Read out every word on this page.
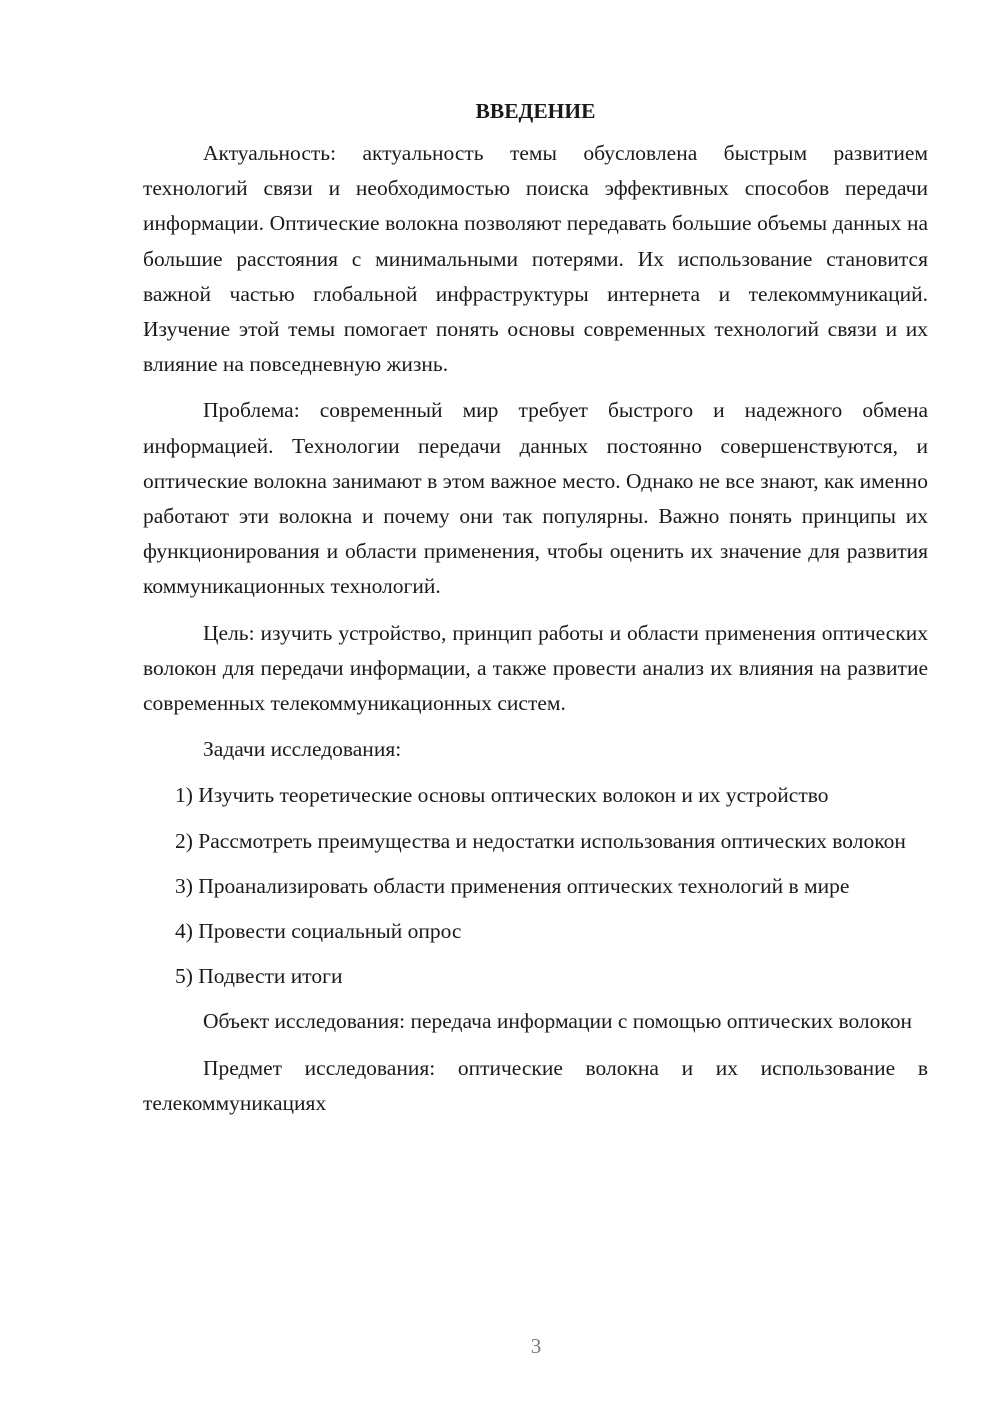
ВВЕДЕНИЕ

Актуальность: актуальность темы обусловлена быстрым развитием технологий связи и необходимостью поиска эффективных способов передачи информации. Оптические волокна позволяют передавать большие объемы данных на большие расстояния с минимальными потерями. Их использование становится важной частью глобальной инфраструктуры интернета и телекоммуникаций. Изучение этой темы помогает понять основы современных технологий связи и их влияние на повседневную жизнь.

Проблема: современный мир требует быстрого и надежного обмена информацией. Технологии передачи данных постоянно совершенствуются, и оптические волокна занимают в этом важное место. Однако не все знают, как именно работают эти волокна и почему они так популярны. Важно понять принципы их функционирования и области применения, чтобы оценить их значение для развития коммуникационных технологий.

Цель: изучить устройство, принцип работы и области применения оптических волокон для передачи информации, а также провести анализ их влияния на развитие современных телекоммуникационных систем.

Задачи исследования:

1) Изучить теоретические основы оптических волокон и их устройство
2) Рассмотреть преимущества и недостатки использования оптических волокон
3) Проанализировать области применения оптических технологий в мире
4) Провести социальный опрос
5) Подвести итоги

Объект исследования: передача информации с помощью оптических волокон

Предмет исследования: оптические волокна и их использование в телекоммуникациях

3
